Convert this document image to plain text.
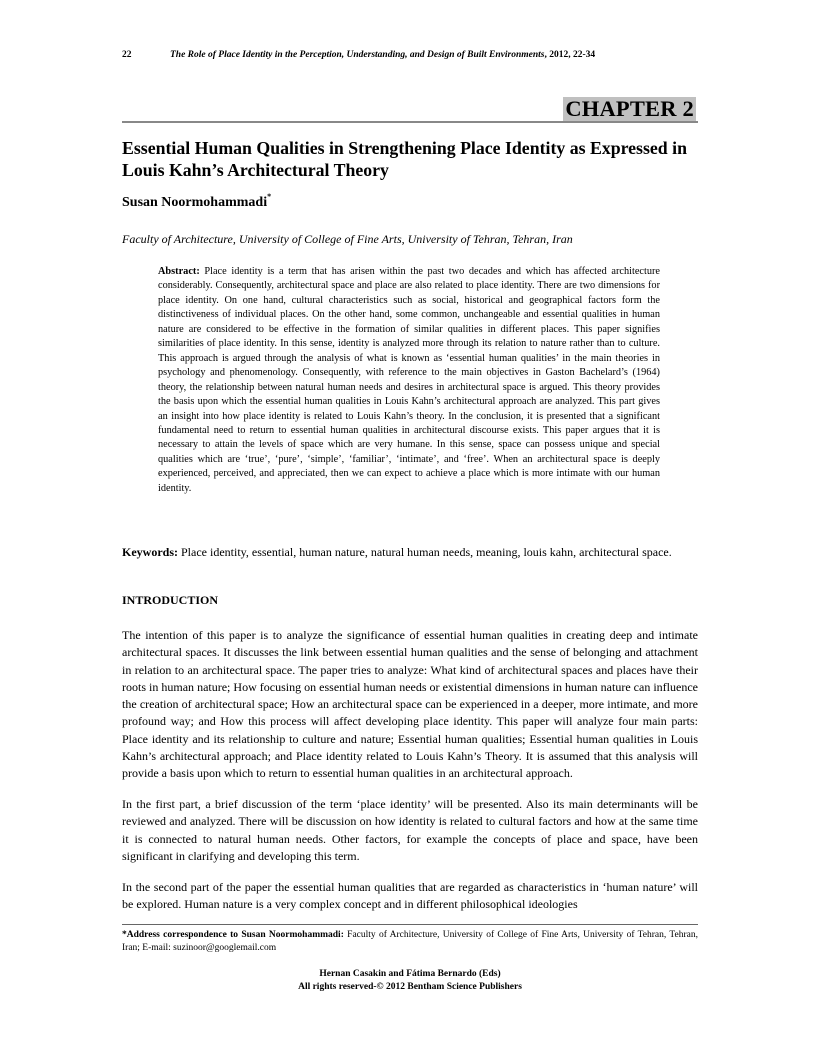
22	The Role of Place Identity in the Perception, Understanding, and Design of Built Environments, 2012, 22-34
CHAPTER 2
Essential Human Qualities in Strengthening Place Identity as Expressed in Louis Kahn’s Architectural Theory
Susan Noormohammadi*
Faculty of Architecture, University of College of Fine Arts, University of Tehran, Tehran, Iran
Abstract: Place identity is a term that has arisen within the past two decades and which has affected architecture considerably. Consequently, architectural space and place are also related to place identity. There are two dimensions for place identity. On one hand, cultural characteristics such as social, historical and geographical factors form the distinctiveness of individual places. On the other hand, some common, unchangeable and essential qualities in human nature are considered to be effective in the formation of similar qualities in different places. This paper signifies similarities of place identity. In this sense, identity is analyzed more through its relation to nature rather than to culture. This approach is argued through the analysis of what is known as ‘essential human qualities’ in the main theories in psychology and phenomenology. Consequently, with reference to the main objectives in Gaston Bachelard’s (1964) theory, the relationship between natural human needs and desires in architectural space is argued. This theory provides the basis upon which the essential human qualities in Louis Kahn’s architectural approach are analyzed. This part gives an insight into how place identity is related to Louis Kahn’s theory. In the conclusion, it is presented that a significant fundamental need to return to essential human qualities in architectural discourse exists. This paper argues that it is necessary to attain the levels of space which are very humane. In this sense, space can possess unique and special qualities which are ‘true’, ‘pure’, ‘simple’, ‘familiar’, ‘intimate’, and ‘free’. When an architectural space is deeply experienced, perceived, and appreciated, then we can expect to achieve a place which is more intimate with our human identity.
Keywords: Place identity, essential, human nature, natural human needs, meaning, louis kahn, architectural space.
INTRODUCTION
The intention of this paper is to analyze the significance of essential human qualities in creating deep and intimate architectural spaces. It discusses the link between essential human qualities and the sense of belonging and attachment in relation to an architectural space. The paper tries to analyze: What kind of architectural spaces and places have their roots in human nature; How focusing on essential human needs or existential dimensions in human nature can influence the creation of architectural space; How an architectural space can be experienced in a deeper, more intimate, and more profound way; and How this process will affect developing place identity. This paper will analyze four main parts: Place identity and its relationship to culture and nature; Essential human qualities; Essential human qualities in Louis Kahn’s architectural approach; and Place identity related to Louis Kahn’s Theory. It is assumed that this analysis will provide a basis upon which to return to essential human qualities in an architectural approach.
In the first part, a brief discussion of the term ‘place identity’ will be presented. Also its main determinants will be reviewed and analyzed. There will be discussion on how identity is related to cultural factors and how at the same time it is connected to natural human needs. Other factors, for example the concepts of place and space, have been significant in clarifying and developing this term.
In the second part of the paper the essential human qualities that are regarded as characteristics in ‘human nature’ will be explored. Human nature is a very complex concept and in different philosophical ideologies
*Address correspondence to Susan Noormohammadi: Faculty of Architecture, University of College of Fine Arts, University of Tehran, Tehran, Iran; E-mail: suzinoor@googlemail.com
Hernan Casakin and Fátima Bernardo (Eds)
All rights reserved-© 2012 Bentham Science Publishers
